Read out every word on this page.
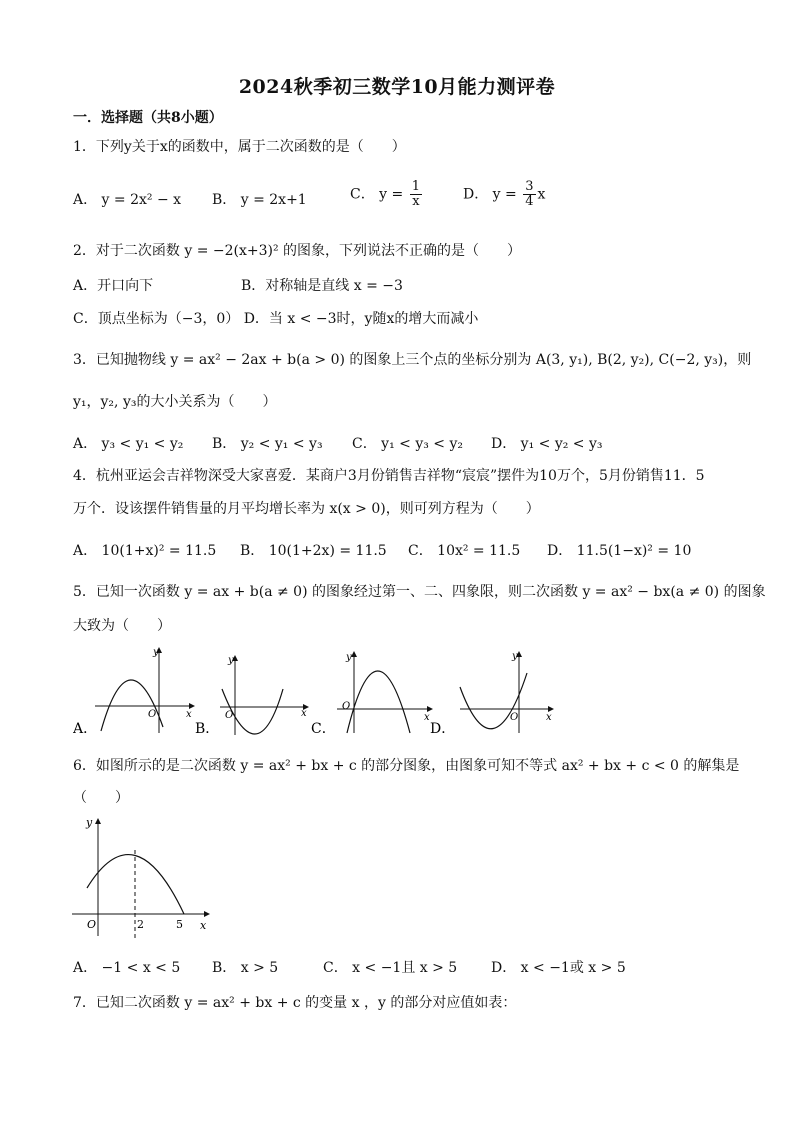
2024秋季初三数学10月能力测评卷
一．选择题（共8小题）
1．下列y关于x的函数中，属于二次函数的是（　　）
A． y = 2x² − x B． y = 2x+1	C． $y = \frac{1}{x}$	D． $y = \frac{3}{4}$ x
2．对于二次函数 y = −2(x+3)² 的图象，下列说法不正确的是（　　）
A．开口向下	B．对称轴是直线 x = −3
C．顶点坐标为（−3，0） D．当 x < −3时，y随x的增大而减小
3．已知抛物线 y = ax² − 2ax + b(a > 0) 的图象上三个点的坐标分别为 A(3, y₁), B(2, y₂), C(−2, y₃)，则
y₁，y₂, y₃的大小关系为（　　）
A． y₃ < y₁ < y₂ B． y₂ < y₁ < y₃ C． y₁ < y₃ < y₂ D． y₁ < y₂ < y₃
4．杭州亚运会吉祥物深受大家喜爱．某商户3月份销售吉祥物“宸宸”摆件为10万个，5月份销售11．5
万个．设该摆件销售量的月平均增长率为 x(x > 0)，则可列方程为（　　）
A． 10(1+x)² = 11.5 B． 10(1+2x) = 11.5 C． 10x² = 11.5 D． 11.5(1−x)² = 10
5．已知一次函数 y = ax + b(a ≠ 0) 的图象经过第一、二、四象限，则二次函数 y = ax² − bx(a ≠ 0) 的图象
大致为（　　）
A．
O	x
y
B．
O	x
y
C．
O
x
y
D．
O	x
y
6．如图所示的是二次函数 y = ax² + bx + c 的部分图象，由图象可知不等式 ax² + bx + c < 0 的解集是
（　　）
O	2	5 x
y
A． −1 < x < 5 B． x > 5	C． x < −1且 x > 5 D． x < −1或 x > 5
7．已知二次函数 y = ax² + bx + c 的变量 x ，y 的部分对应值如表：
